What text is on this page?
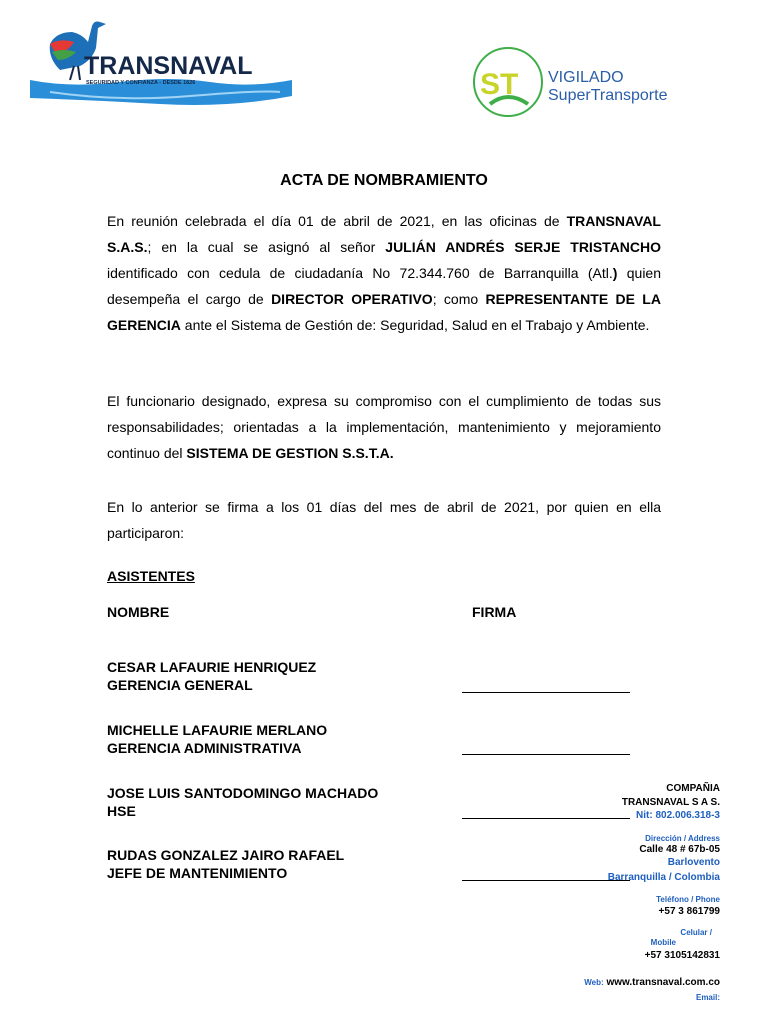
TRANSNAVAL
SEGURIDAD Y CONFIANZA - DESDE 1826	ST VIGILADO
SuperTransporte
ACTA DE NOMBRAMIENTO
En reunión celebrada el día 01 de abril de 2021, en las oficinas de TRANSNAVAL S.A.S.; en la cual se asignó al señor JULIÁN ANDRÉS SERJE TRISTANCHO identificado con cedula de ciudadanía No 72.344.760 de Barranquilla (Atl.) quien desempeña el cargo de DIRECTOR OPERATIVO; como REPRESENTANTE DE LA GERENCIA ante el Sistema de Gestión de: Seguridad, Salud en el Trabajo y Ambiente.
El funcionario designado, expresa su compromiso con el cumplimiento de todas sus responsabilidades; orientadas a la implementación, mantenimiento y mejoramiento continuo del SISTEMA DE GESTION S.S.T.A.
En lo anterior se firma a los 01 días del mes de abril de 2021, por quien en ella participaron:
ASISTENTES
NOMBRE	FIRMA
CESAR LAFAURIE HENRIQUEZ
GERENCIA GENERAL
MICHELLE LAFAURIE MERLANO
GERENCIA ADMINISTRATIVA
JOSE LUIS SANTODOMINGO MACHADO
HSE
RUDAS GONZALEZ JAIRO RAFAEL
JEFE DE MANTENIMIENTO
COMPAÑIA
TRANSNAVAL S A S.
Nit: 802.006.318-3
Dirección / Address
Calle 48 # 67b-05
Barlovento
Barranquilla / Colombia
Teléfono / Phone
+57 3 861799
Celular /
Mobile
+57 3105142831
Web: www.transnaval.com.co
Email:
